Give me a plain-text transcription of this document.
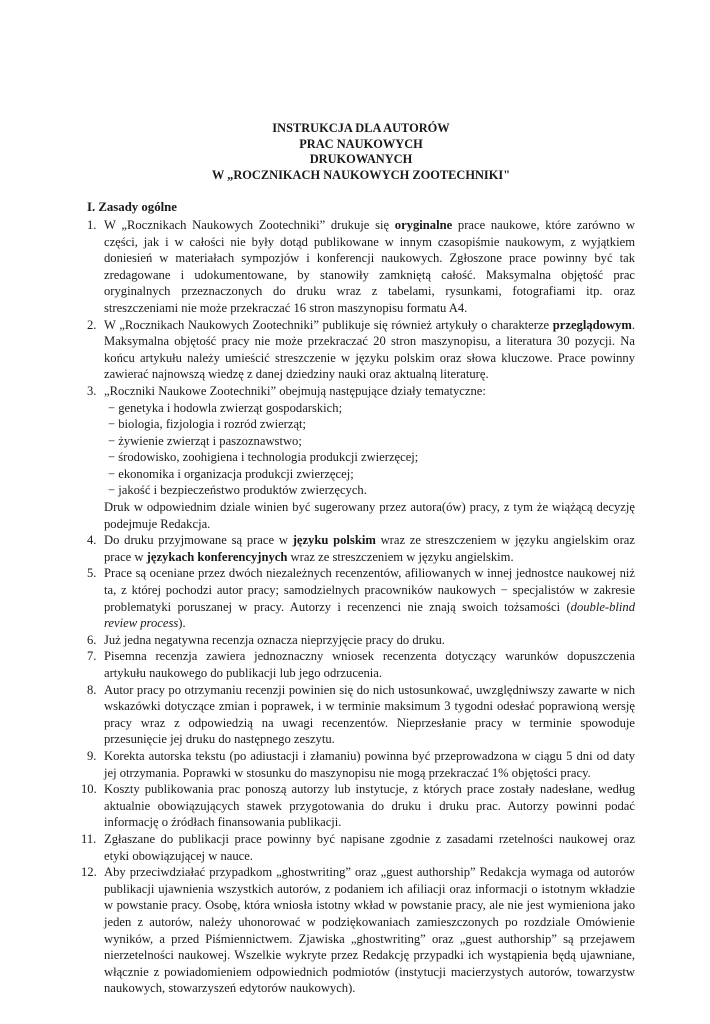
INSTRUKCJA DLA AUTORÓW
PRAC NAUKOWYCH
DRUKOWANYCH
W „ROCZNIKACH NAUKOWYCH ZOOTECHNIKI"
I. Zasady ogólne
1. W „Rocznikach Naukowych Zootechniki” drukuje się oryginalne prace naukowe, które zarówno w części, jak i w całości nie były dotąd publikowane w innym czasopiśmie naukowym, z wyjątkiem doniesień w materiałach sympozjów i konferencji naukowych. Zgłoszone prace powinny być tak zredagowane i udokumentowane, by stanowiły zamkniętą całość. Maksymalna objętość prac oryginalnych przeznaczonych do druku wraz z tabelami, rysunkami, fotografiami itp. oraz streszczeniami nie może przekraczać 16 stron maszynopisu formatu A4.
2. W „Rocznikach Naukowych Zootechniki” publikuje się również artykuły o charakterze przeglądowym. Maksymalna objętość pracy nie może przekraczać 20 stron maszynopisu, a literatura 30 pozycji. Na końcu artykułu należy umieścić streszczenie w języku polskim oraz słowa kluczowe. Prace powinny zawierać najnowszą wiedzę z danej dziedziny nauki oraz aktualną literaturę.
3. „Roczniki Naukowe Zootechniki” obejmują następujące działy tematyczne:
− genetyka i hodowla zwierząt gospodarskich;
− biologia, fizjologia i rozród zwierząt;
− żywienie zwierząt i paszoznawstwo;
− środowisko, zoohigiena i technologia produkcji zwierzęcej;
− ekonomika i organizacja produkcji zwierzęcej;
− jakość i bezpieczeństwo produktów zwierzęcych.
Druk w odpowiednim dziale winien być sugerowany przez autora(ów) pracy, z tym że wiążącą decyzję podejmuje Redakcja.
4. Do druku przyjmowane są prace w języku polskim wraz ze streszczeniem w języku angielskim oraz prace w językach konferencyjnych wraz ze streszczeniem w języku angielskim.
5. Prace są oceniane przez dwóch niezależnych recenzentów, afiliowanych w innej jednostce naukowej niż ta, z której pochodzi autor pracy; samodzielnych pracowników naukowych − specjalistów w zakresie problematyki poruszanej w pracy. Autorzy i recenzenci nie znają swoich tożsamości (double-blind review process).
6. Już jedna negatywna recenzja oznacza nieprzyjęcie pracy do druku.
7. Pisemna recenzja zawiera jednoznaczny wniosek recenzenta dotyczący warunków dopuszczenia artykułu naukowego do publikacji lub jego odrzucenia.
8. Autor pracy po otrzymaniu recenzji powinien się do nich ustosunkować, uwzględniwszy zawarte w nich wskazówki dotyczące zmian i poprawek, i w terminie maksimum 3 tygodni odesłać poprawioną wersję pracy wraz z odpowiedzią na uwagi recenzentów. Nieprzesłanie pracy w terminie spowoduje przesunięcie jej druku do następnego zeszytu.
9. Korekta autorska tekstu (po adiustacji i złamaniu) powinna być przeprowadzona w ciągu 5 dni od daty jej otrzymania. Poprawki w stosunku do maszynopisu nie mogą przekraczać 1% objętości pracy.
10. Koszty publikowania prac ponoszą autorzy lub instytucje, z których prace zostały nadesłane, według aktualnie obowiązujących stawek przygotowania do druku i druku prac. Autorzy powinni podać informację o źródłach finansowania publikacji.
11. Zgłaszane do publikacji prace powinny być napisane zgodnie z zasadami rzetelności naukowej oraz etyki obowiązującej w nauce.
12. Aby przeciwdziałać przypadkom „ghostwriting” oraz „guest authorship” Redakcja wymaga od autorów publikacji ujawnienia wszystkich autorów, z podaniem ich afiliacji oraz informacji o istotnym wkładzie w powstanie pracy. Osobę, która wniosła istotny wkład w powstanie pracy, ale nie jest wymieniona jako jeden z autorów, należy uhonorować w podziękowaniach zamieszczonych po rozdziale Omówienie wyników, a przed Piśmiennictwem. Zjawiska „ghostwriting” oraz „guest authorship” są przejawem nierzetelności naukowej. Wszelkie wykryte przez Redakcję przypadki ich wystąpienia będą ujawniane, włącznie z powiadomieniem odpowiednich podmiotów (instytucji macierzystych autorów, towarzystw naukowych, stowarzyszeń edytorów naukowych).
